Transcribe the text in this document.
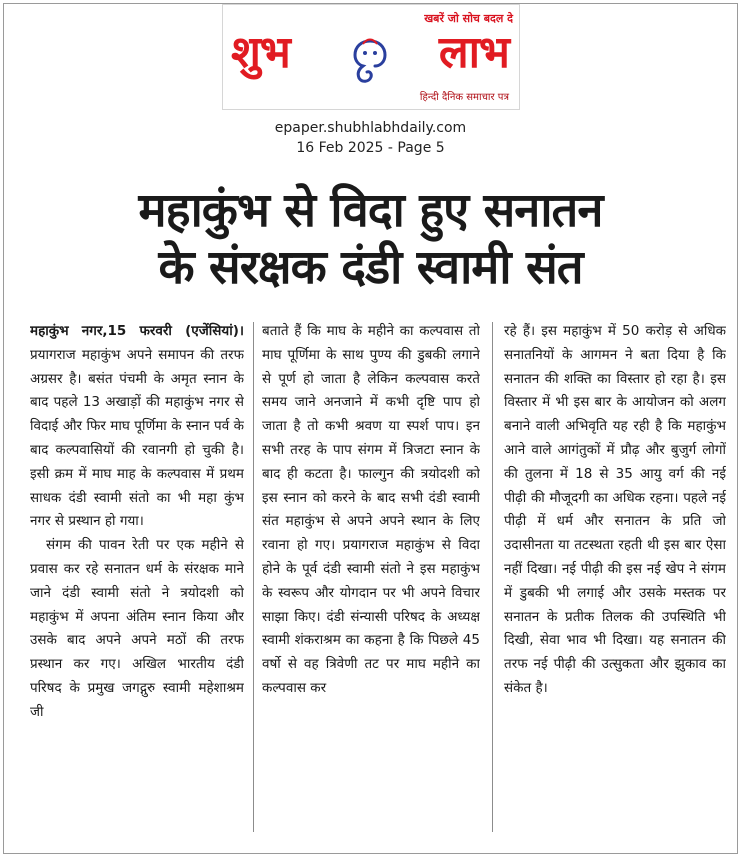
खबरें जो सोच बदल दे
शुभ	लाभ
हिन्दी दैनिक समाचार पत्र
epaper.shubhlabhdaily.com
16 Feb 2025 - Page 5
महाकुंभ से विदा हुए सनातन
के संरक्षक दंडी स्वामी संत

महाकुंभ नगर,15 फरवरी (एजेंसियां)।प्रयागराज महाकुंभ अपने समापन की तरफ अग्रसर है। बसंत पंचमी के अमृत स्नान के बाद पहले 13 अखाड़ों की महाकुंभ नगर से विदाई और फिर माघ पूर्णिमा के स्नान पर्व के बाद कल्पवासियों की रवानगी हो चुकी है। इसी क्रम में माघ माह के कल्पवास में प्रथम साधक दंडी स्वामी संतो का भी महा कुंभ नगर से प्रस्थान हो गया।

संगम की पावन रेती पर एक महीने से प्रवास कर रहे सनातन धर्म के संरक्षक माने जाने दंडी स्वामी संतो ने त्रयोदशी को महाकुंभ में अपना अंतिम स्नान किया और उसके बाद अपने अपने मठों की तरफ प्रस्थान कर गए। अखिल भारतीय दंडी परिषद के प्रमुख जगद्गुरु स्वामी महेशाश्रम जी

बताते हैं कि माघ के महीने का कल्पवास तो माघ पूर्णिमा के साथ पुण्य की डुबकी लगाने से पूर्ण हो जाता है लेकिन कल्पवास करते समय जाने अनजाने में कभी दृष्टि पाप हो जाता है तो कभी श्रवण या स्पर्श पाप। इन सभी तरह के पाप संगम में त्रिजटा स्नान के बाद ही कटता है। फाल्गुन की त्रयोदशी को इस स्नान को करने के बाद सभी दंडी स्वामी संत महाकुंभ से अपने अपने स्थान के लिए रवाना हो गए। प्रयागराज महाकुंभ से विदा होने के पूर्व दंडी स्वामी संतो ने इस महाकुंभ के स्वरूप और योगदान पर भी अपने विचार साझा किए। दंडी संन्यासी परिषद के अध्यक्ष स्वामी शंकराश्रम का कहना है कि पिछले 45 वर्षो से वह त्रिवेणी तट पर माघ महीने का कल्पवास कर

रहे हैं। इस महाकुंभ में 50 करोड़ से अधिक सनातनियों के आगमन ने बता दिया है कि सनातन की शक्ति का विस्तार हो रहा है। इस विस्तार में भी इस बार के आयोजन को अलग बनाने वाली अभिवृति यह रही है कि महाकुंभ आने वाले आगंतुकों में प्रौढ़ और बुजुर्ग लोगों की तुलना में 18 से 35 आयु वर्ग की नई पीढ़ी की मौजूदगी का अधिक रहना। पहले नई पीढ़ी में धर्म और सनातन के प्रति जो उदासीनता या तटस्थता रहती थी इस बार ऐसा नहीं दिखा। नई पीढ़ी की इस नई खेप ने संगम में डुबकी भी लगाई और उसके मस्तक पर सनातन के प्रतीक तिलक की उपस्थिति भी दिखी, सेवा भाव भी दिखा। यह सनातन की तरफ नई पीढ़ी की उत्सुकता और झुकाव का संकेत है।
